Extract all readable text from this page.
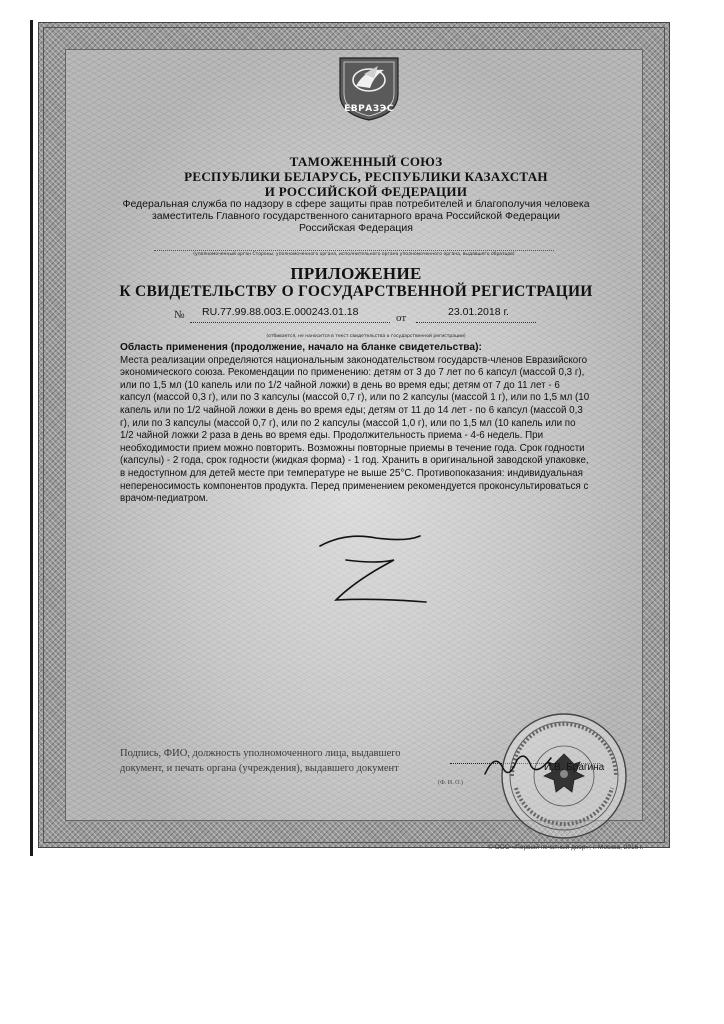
ЕВРАЗЭС
ТАМОЖЕННЫЙ СОЮЗ
РЕСПУБЛИКИ БЕЛАРУСЬ, РЕСПУБЛИКИ КАЗАХСТАН
И РОССИЙСКОЙ ФЕДЕРАЦИИ
Федеральная служба по надзору в сфере защиты прав потребителей и благополучия человека
заместитель Главного государственного санитарного врача Российской Федерации
Российская Федерация
(уполномоченный орган Стороны, уполномоченного органа, исполнительного органа уполномоченного органа, выдавшего образцов)
ПРИЛОЖЕНИЕ
К СВИДЕТЕЛЬСТВУ О ГОСУДАРСТВЕННОЙ РЕГИСТРАЦИИ
№ RU.77.99.88.003.E.000243.01.18	от	23.01.2018 г.
(отбивается, не наносится в текст свидетельства о государственной регистрации)
Область применения (продолжение, начало на бланке свидетельства):
Места реализации определяются национальным законодательством государств-членов Евразийского экономического союза. Рекомендации по применению: детям от 3 до 7 лет по 6 капсул (массой 0,3 г), или по 1,5 мл (10 капель или по 1/2 чайной ложки) в день во время еды; детям от 7 до 11 лет - 6 капсул (массой 0,3 г), или по 3 капсулы (массой 0,7 г), или по 2 капсулы (массой 1 г), или по 1,5 мл (10 капель или по 1/2 чайной ложки в день во время еды; детям от 11 до 14 лет - по 6 капсул (массой 0,3 г), или по 3 капсулы (массой 0,7 г), или по 2 капсулы (массой 1,0 г), или по 1,5 мл (10 капель или по 1/2 чайной ложки 2 раза в день во время еды. Продолжительность приема - 4-6 недель. При необходимости прием можно повторить. Возможны повторные приемы в течение года. Срок годности (капсулы) - 2 года, срок годности (жидкая форма) - 1 год. Хранить в оригинальной заводской упаковке, в недоступном для детей месте при температуре не выше 25°С. Противопоказания: индивидуальная непереносимость компонентов продукта. Перед применением рекомендуется проконсультироваться с врачом-педиатром.
Подпись, ФИО, должность уполномоченного лица, выдавшего документ, и печать органа (учреждения), выдавшего документ
(Ф. И. О.)
И.В. Брагина
© ООО «Первый печатный двор», г. Москва, 2016 г.
